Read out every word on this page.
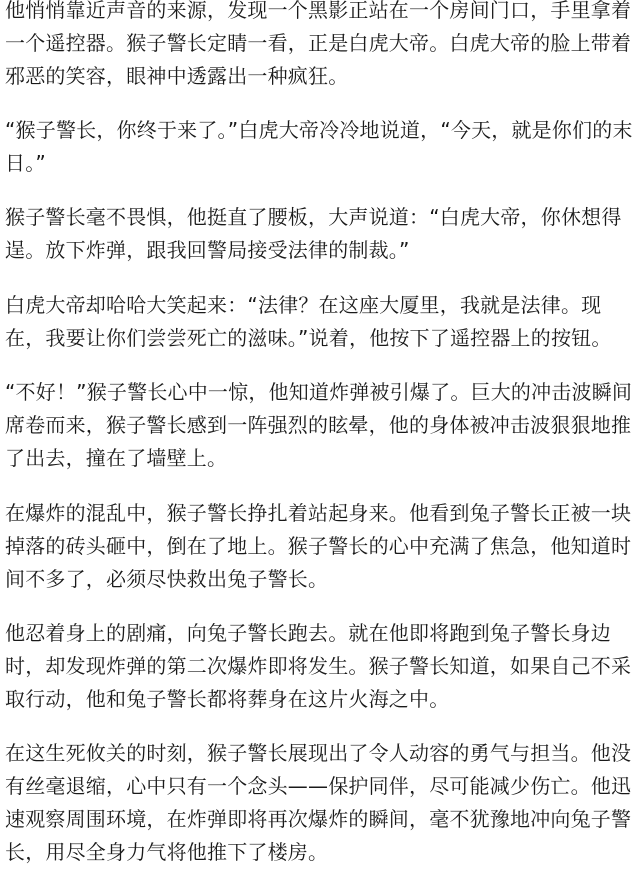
他悄悄靠近声音的来源，发现一个黑影正站在一个房间门口，手里拿着一个遥控器。猴子警长定睛一看，正是白虎大帝。白虎大帝的脸上带着邪恶的笑容，眼神中透露出一种疯狂。

“猴子警长，你终于来了。”白虎大帝冷冷地说道，“今天，就是你们的末日。”

猴子警长毫不畏惧，他挺直了腰板，大声说道：“白虎大帝，你休想得逞。放下炸弹，跟我回警局接受法律的制裁。”

白虎大帝却哈哈大笑起来：“法律？在这座大厦里，我就是法律。现在，我要让你们尝尝死亡的滋味。”说着，他按下了遥控器上的按钮。

“不好！”猴子警长心中一惊，他知道炸弹被引爆了。巨大的冲击波瞬间席卷而来，猴子警长感到一阵强烈的眩晕，他的身体被冲击波狠狠地推了出去，撞在了墙壁上。

在爆炸的混乱中，猴子警长挣扎着站起身来。他看到兔子警长正被一块掉落的砖头砸中，倒在了地上。猴子警长的心中充满了焦急，他知道时间不多了，必须尽快救出兔子警长。

他忍着身上的剧痛，向兔子警长跑去。就在他即将跑到兔子警长身边时，却发现炸弹的第二次爆炸即将发生。猴子警长知道，如果自己不采取行动，他和兔子警长都将葬身在这片火海之中。

在这生死攸关的时刻，猴子警长展现出了令人动容的勇气与担当。他没有丝毫退缩，心中只有一个念头——保护同伴，尽可能减少伤亡。他迅速观察周围环境，在炸弹即将再次爆炸的瞬间，毫不犹豫地冲向兔子警长，用尽全身力气将他推下了楼房。
